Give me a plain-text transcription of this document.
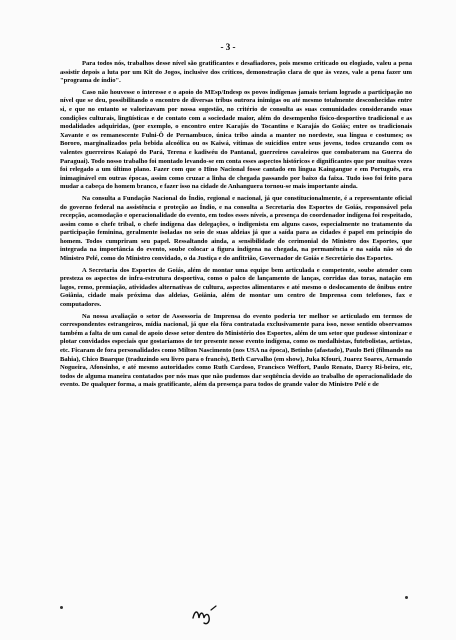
- 3 -

Para todos nós, trabalhos desse nível são gratificantes e desafiadores, pois mesmo criticado ou elogiado, valeu a pena assistir depois a luta por um Kit do Jogos, inclusive dos críticos, demonstração clara de que às vezes, vale a pena fazer um "programa de índio".

Caso não houvesse o interesse e o apoio do MEsp/Indesp os povos indígenas jamais teriam logrado a participação no nível que se deu, possibilitando o encontro de diversas tribus outrora inimigas ou até mesmo totalmente desconhecidas entre si, e que no entanto se valorizavam por nossa sugestão, no critério de consulta as suas comunidades considerando suas condições culturais, lingüísticas e de contato com a sociedade maior, além do desempenho físico-desportivo tradicional e as modalidades adquiridas, (por exemplo, o encontro entre Karajás do Tocantins e Karajás do Goiás; entre os tradicionais Xavante e os remanescente Fulni-Ô de Pernambuco, única tribo ainda a manter no nordeste, sua língua e costumes; os Bororo, marginalizados pela bebida alcoólica ou os Kaiwá, vítimas de suicídios entre seus jovens, todos cruzando com os valentes guerreiros Kaiapó do Pará, Terena e kadiwéu do Pantanal, guerreiros cavaleiros que combateram na Guerra do Paraguai). Todo nosso trabalho foi montado levando-se em conta esses aspectos históricos e dignificantes que por muitas vezes foi relegado a um último plano. Fazer com que o Hino Nacional fosse cantado em língua Kaingangue e em Português, era inimaginável em outras épocas, assim como cruzar a linha de chegada passando por baixo da faixa. Tudo isso foi feito para mudar a cabeça do homem branco, e fazer isso na cidade de Anhanguera tornou-se mais importante ainda.

Na consulta a Fundação Nacional do Índio, regional e nacional, já que constitucionalmente, é a representante oficial do governo federal na assistência e proteção ao Índio, e na consulta a Secretaria dos Esportes de Goiás, responsável pela recepção, acomodação e operacionalidade do evento, em todos esses níveis, a presença do coordenador indígena foi respeitado, assim como o chefe tribal, o chefe indígena das delegações, o indigenista em alguns casos, especialmente no tratamento da participação feminina, geralmente isoladas no seio de suas aldeias já que a saída para as cidades é papel em princípio do homem. Todos cumpriram seu papel. Ressaltando ainda, a sensibilidade do cerimonial do Ministro dos Esportes, que integrada na importância do evento, soube colocar a figura indígena na chegada, na permanência e na saída não só do Ministro Pelé, como do Ministro convidado, o da Justiça e do anfitrião, Governador de Goiás e Secretário dos Esportes.

A Secretaria dos Esportes de Goiás, além de montar uma equipe bem articulada e competente, soube atender com presteza os aspectos de infra-estrutura desportiva, como o palco de lançamento de lanças, corridas das toras, natação em lagos, remo, premiação, atividades alternativas de cultura, aspectos alimentares e até mesmo o deslocamento de ônibus entre Goiânia, cidade mais próxima das aldeias, Goiânia, além de montar um centro de Imprensa com telefones, fax e computadores.

Na nossa avaliação o setor de Assessoria de Imprensa do evento poderia ter melhor se articulado em termos de correspondentes estrangeiros, mídia nacional, já que ela fôra contratada exclusivamente para isso, nesse sentido observamos também a falta de um canal de apoio desse setor dentro do Ministério dos Esportes, além de um setor que pudesse sintonizar e plotar convidados especiais que gostaríamos de ter presente nesse evento indígena, como os medalhistas, futebolistas, artistas, etc. Ficaram de fora personalidades como Milton Nascimento (nos USA na época), Betinho (afastado), Paulo Beti (filmando na Bahia), Chico Buarque (traduzindo seu livro para o francês), Beth Carvalho (em show), Juka Kfouri, Juarez Soares, Armando Nogueira, Afonsinho, e até mesmo autoridades como Ruth Cardoso, Francisco Weffort, Paulo Renato, Darcy Ri-beiro, etc, todos de alguma maneira contatados por nós mas que não pudemos dar seqüência devido ao trabalho de operacionalidade do evento. De qualquer forma, a mais gratificante, além da presença para todos de grande valor do Ministro Pelé e de
